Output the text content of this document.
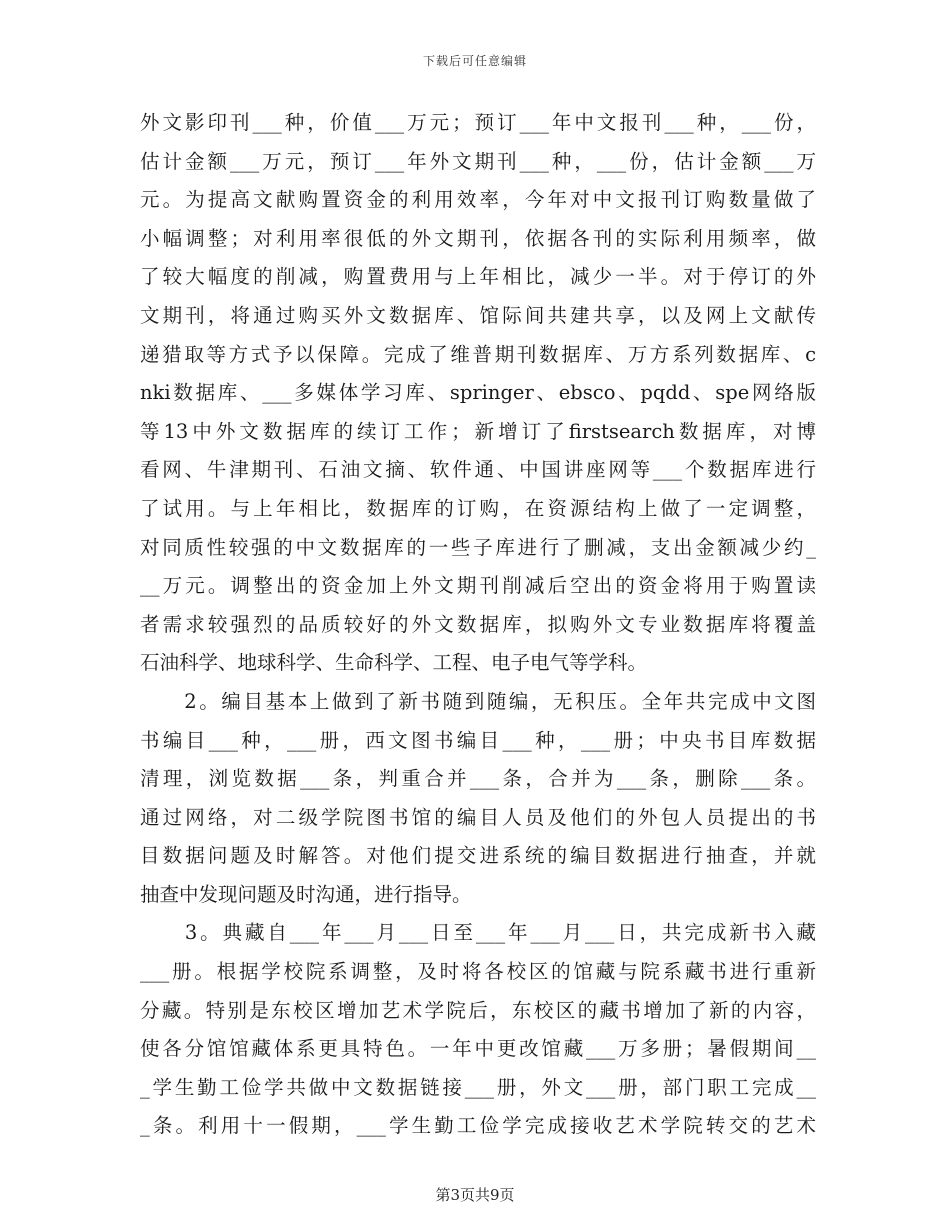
下载后可任意编辑
外文影印刊___种，价值___万元；预订___年中文报刊___种，___份，
估计金额___万元，预订___年外文期刊___种，___份，估计金额___万
元。为提高文献购置资金的利用效率，今年对中文报刊订购数量做了
小幅调整；对利用率很低的外文期刊，依据各刊的实际利用频率，做
了较大幅度的削减，购置费用与上年相比，减少一半。对于停订的外
文期刊，将通过购买外文数据库、馆际间共建共享，以及网上文献传
递猎取等方式予以保障。完成了维普期刊数据库、万方系列数据库、c
nki数据库、___多媒体学习库、springer、ebsco、pqdd、spe网络版
等13中外文数据库的续订工作；新增订了firstsearch数据库，对博
看网、牛津期刊、石油文摘、软件通、中国讲座网等___个数据库进行
了试用。与上年相比，数据库的订购，在资源结构上做了一定调整，
对同质性较强的中文数据库的一些子库进行了删减，支出金额减少约_
__万元。调整出的资金加上外文期刊削减后空出的资金将用于购置读
者需求较强烈的品质较好的外文数据库，拟购外文专业数据库将覆盖
石油科学、地球科学、生命科学、工程、电子电气等学科。
　　2。编目基本上做到了新书随到随编，无积压。全年共完成中文图
书编目___种，___册，西文图书编目___种，___册；中央书目库数据
清理，浏览数据___条，判重合并___条，合并为___条，删除___条。
通过网络，对二级学院图书馆的编目人员及他们的外包人员提出的书
目数据问题及时解答。对他们提交进系统的编目数据进行抽查，并就
抽查中发现问题及时沟通，进行指导。
　　3。典藏自___年___月___日至___年___月___日，共完成新书入藏
___册。根据学校院系调整，及时将各校区的馆藏与院系藏书进行重新
分藏。特别是东校区增加艺术学院后，东校区的藏书增加了新的内容，
使各分馆馆藏体系更具特色。一年中更改馆藏___万多册；暑假期间__
_学生勤工俭学共做中文数据链接___册，外文___册，部门职工完成__
_条。利用十一假期，___学生勤工俭学完成接收艺术学院转交的艺术
第3页共9页
